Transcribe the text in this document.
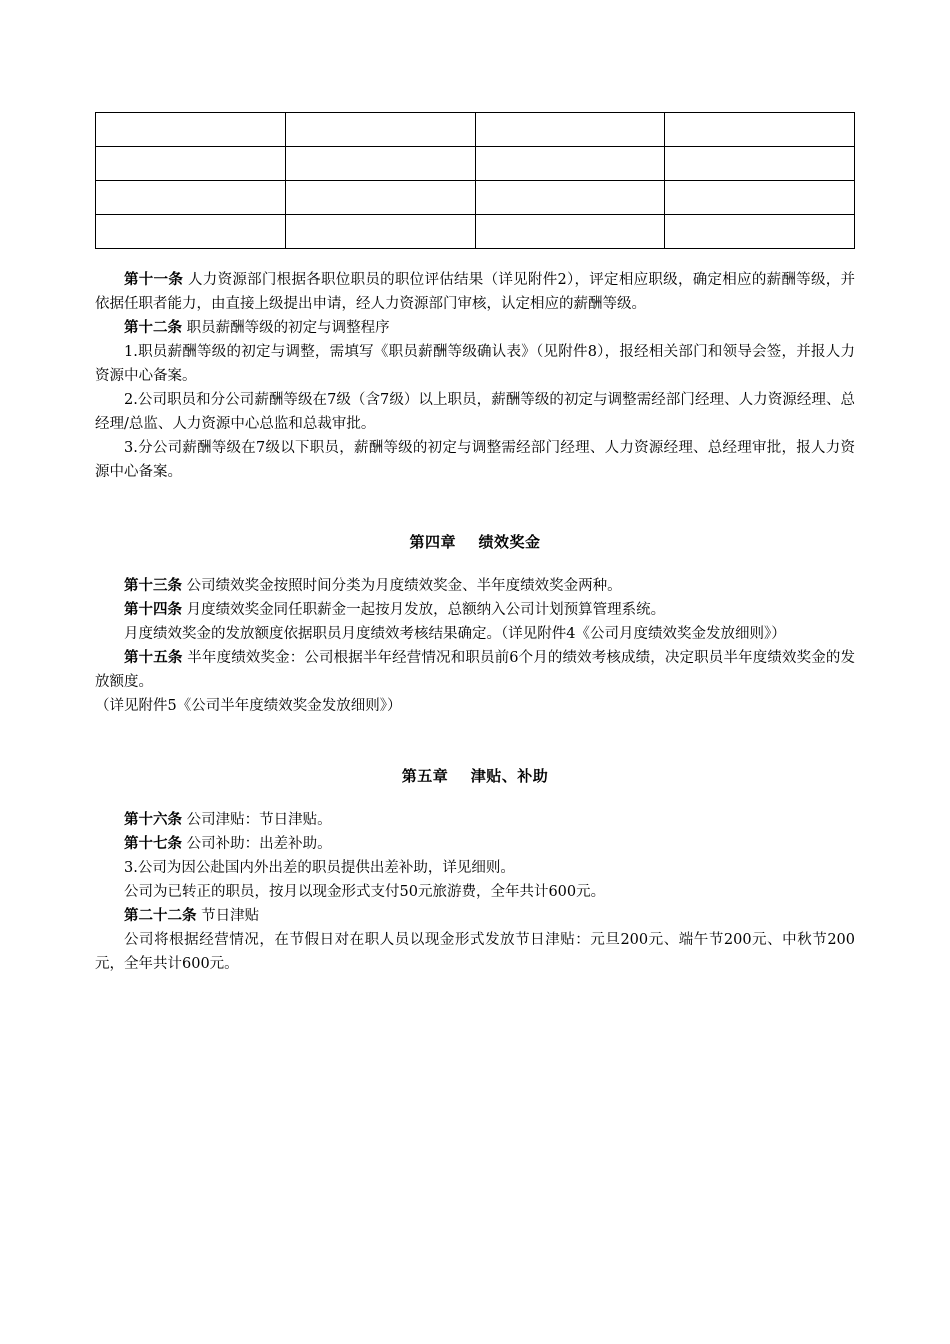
第十一条 人力资源部门根据各职位职员的职位评估结果（详见附件2），评定相应职级，确定相应的薪酬等级，并依据任职者能力，由直接上级提出申请，经人力资源部门审核，认定相应的薪酬等级。

第十二条 职员薪酬等级的初定与调整程序

1.职员薪酬等级的初定与调整，需填写《职员薪酬等级确认表》（见附件8），报经相关部门和领导会签，并报人力资源中心备案。

2.公司职员和分公司薪酬等级在7级（含7级）以上职员，薪酬等级的初定与调整需经部门经理、人力资源经理、总经理/总监、人力资源中心总监和总裁审批。

3.分公司薪酬等级在7级以下职员，薪酬等级的初定与调整需经部门经理、人力资源经理、总经理审批，报人力资源中心备案。

第四章 绩效奖金

第十三条 公司绩效奖金按照时间分类为月度绩效奖金、半年度绩效奖金两种。

第十四条 月度绩效奖金同任职薪金一起按月发放，总额纳入公司计划预算管理系统。

月度绩效奖金的发放额度依据职员月度绩效考核结果确定。（详见附件4《公司月度绩效奖金发放细则》）

第十五条 半年度绩效奖金：公司根据半年经营情况和职员前6个月的绩效考核成绩，决定职员半年度绩效奖金的发放额度。

（详见附件5《公司半年度绩效奖金发放细则》）

第五章 津贴、补助

第十六条 公司津贴：节日津贴。

第十七条 公司补助：出差补助。

3.公司为因公赴国内外出差的职员提供出差补助，详见细则。

公司为已转正的职员，按月以现金形式支付50元旅游费，全年共计600元。

第二十二条 节日津贴

公司将根据经营情况，在节假日对在职人员以现金形式发放节日津贴：元旦200元、端午节200元、中秋节200元，全年共计600元。
